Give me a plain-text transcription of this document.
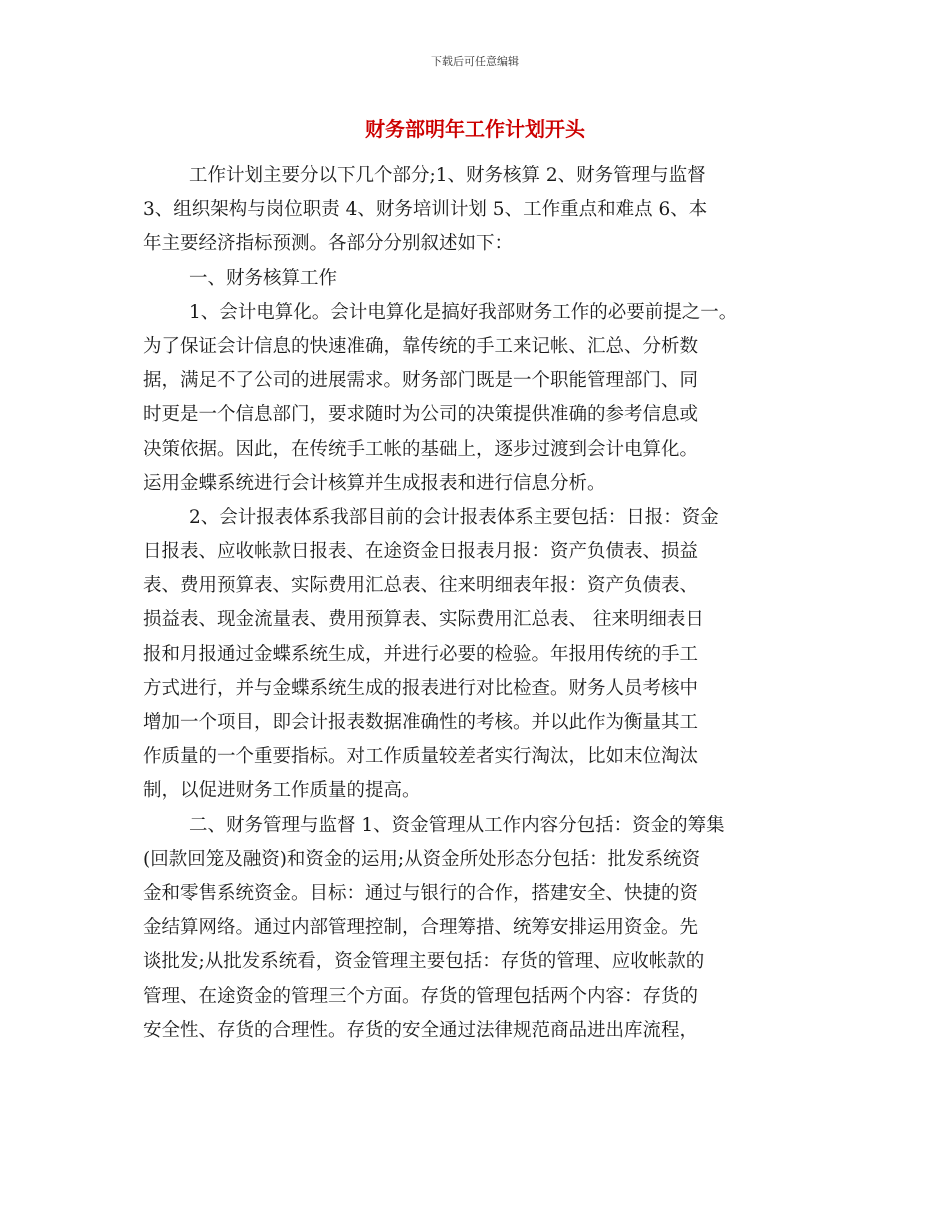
下载后可任意编辑
财务部明年工作计划开头
工作计划主要分以下几个部分;1、财务核算 2、财务管理与监督
3、组织架构与岗位职责 4、财务培训计划 5、工作重点和难点 6、本
年主要经济指标预测。各部分分别叙述如下：
一、财务核算工作
1、会计电算化。会计电算化是搞好我部财务工作的必要前提之一。
为了保证会计信息的快速准确，靠传统的手工来记帐、汇总、分析数
据，满足不了公司的进展需求。财务部门既是一个职能管理部门、同
时更是一个信息部门，要求随时为公司的决策提供准确的参考信息或
决策依据。因此，在传统手工帐的基础上，逐步过渡到会计电算化。
运用金蝶系统进行会计核算并生成报表和进行信息分析。
2、会计报表体系我部目前的会计报表体系主要包括：日报：资金
日报表、应收帐款日报表、在途资金日报表月报：资产负债表、损益
表、费用预算表、实际费用汇总表、往来明细表年报：资产负债表、
损益表、现金流量表、费用预算表、实际费用汇总表、 往来明细表日
报和月报通过金蝶系统生成，并进行必要的检验。年报用传统的手工
方式进行，并与金蝶系统生成的报表进行对比检查。财务人员考核中
增加一个项目，即会计报表数据准确性的考核。并以此作为衡量其工
作质量的一个重要指标。对工作质量较差者实行淘汰，比如末位淘汰
制，以促进财务工作质量的提高。
二、财务管理与监督 1、资金管理从工作内容分包括：资金的筹集
(回款回笼及融资)和资金的运用;从资金所处形态分包括：批发系统资
金和零售系统资金。目标：通过与银行的合作，搭建安全、快捷的资
金结算网络。通过内部管理控制，合理筹措、统筹安排运用资金。先
谈批发;从批发系统看，资金管理主要包括：存货的管理、应收帐款的
管理、在途资金的管理三个方面。存货的管理包括两个内容：存货的
安全性、存货的合理性。存货的安全通过法律规范商品进出库流程，
